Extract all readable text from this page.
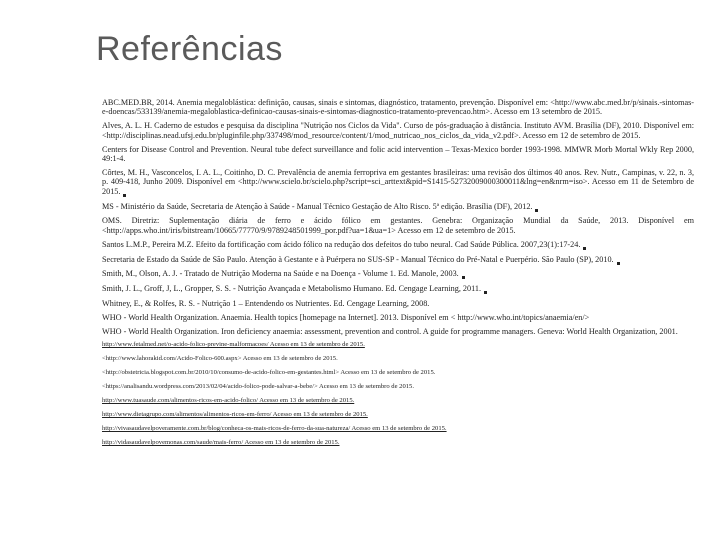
Referências

ABC.MED.BR, 2014. Anemia megaloblástica: definição, causas, sinais e sintomas, diagnóstico, tratamento, prevenção. Disponível em: <http://www.abc.med.br/p/sinais.-sintomas-e-doencas/533139/anemia-megaloblastica-definicao-causas-sinais-e-sintomas-diagnostico-tratamento-prevencao.htm>. Acesso em 13 setembro de 2015.

Alves, A. L. H. Caderno de estudos e pesquisa da disciplina "Nutrição nos Ciclos da Vida". Curso de pós-graduação à distância. Instituto AVM. Brasília (DF), 2010. Disponível em: <http://disciplinas.nead.ufsj.edu.br/pluginfile.php/337498/mod_resource/content/1/mod_nutricao_nos_ciclos_da_vida_v2.pdf>. Acesso em 12 de setembro de 2015.

Centers for Disease Control and Prevention. Neural tube defect surveillance and folic acid intervention – Texas-Mexico border 1993-1998. MMWR Morb Mortal Wkly Rep 2000, 49:1-4.

Côrtes, M. H., Vasconcelos, I. A. L., Coitinho, D. C. Prevalência de anemia ferropriva em gestantes brasileiras: uma revisão dos últimos 40 anos. Rev. Nutr., Campinas, v. 22, n. 3, p. 409-418, Junho 2009. Disponível em <http://www.scielo.br/scielo.php?script=sci_arttext&pid=S1415-52732009000300011&lng=en&nrm=iso>. Acesso em 11 de Setembro de 2015.

MS - Ministério da Saúde, Secretaria de Atenção à Saúde - Manual Técnico Gestação de Alto Risco. 5ª edição. Brasília (DF), 2012.

OMS. Diretriz: Suplementação diária de ferro e ácido fólico em gestantes. Genebra: Organização Mundial da Saúde, 2013. Disponível em <http://apps.who.int/iris/bitstream/10665/77770/9/9789248501999_por.pdf?ua=1&ua=1> Acesso em 12 de setembro de 2015.

Santos L.M.P., Pereira M.Z. Efeito da fortificação com ácido fólico na redução dos defeitos do tubo neural. Cad Saúde Pública. 2007,23(1):17-24.

Secretaria de Estado da Saúde de São Paulo. Atenção à Gestante e à Puérpera no SUS-SP - Manual Técnico do Pré-Natal e Puerpério. São Paulo (SP), 2010.

Smith, M., Olson, A. J. - Tratado de Nutrição Moderna na Saúde e na Doença - Volume 1. Ed. Manole, 2003.

Smith, J. L., Groff, J, L., Gropper, S. S. - Nutrição Avançada e Metabolismo Humano. Ed. Cengage Learning, 2011.

Whitney, E., & Rolfes, R. S. - Nutrição 1 – Entendendo os Nutrientes. Ed. Cengage Learning, 2008.

WHO - World Health Organization. Anaemia. Health topics [homepage na Internet]. 2013. Disponível em < http://www.who.int/topics/anaemia/en/>

WHO - World Health Organization. Iron deficiency anaemia: assessment, prevention and control. A guide for programme managers. Geneva: World Health Organization, 2001.

http://www.fetalmed.net/o-acido-folico-previne-malformacoes/ Acesso em 13 de setembro de 2015.

<http://www.lahorakid.com/Acido-Folico-600.aspx> Acesso em 13 de setembro de 2015.

<http://obstetricia.blogspot.com.br/2010/10/consumo-de-acido-folico-em-gestantes.html> Acesso em 13 de setembro de 2015.

<https://analisandu.wordpress.com/2013/02/04/acido-folico-pode-salvar-a-bebe/> Acesso em 13 de setembro de 2015.

http://www.tuasaude.com/alimentos-ricos-em-acido-folico/ Acesso em 13 de setembro de 2015.

http://www.dietagrupo.com/alimentos/alimentos-ricos-em-ferro/ Acesso em 13 de setembro de 2015.

http://vivasaudavelpoveramente.com.br/blog/conheca-os-mais-ricos-de-ferro-da-sua-natureza/ Acesso em 13 de setembro de 2015.

http://vidasaudavelpovemonas.com/saude/mais-ferro/ Acesso em 13 de setembro de 2015.
